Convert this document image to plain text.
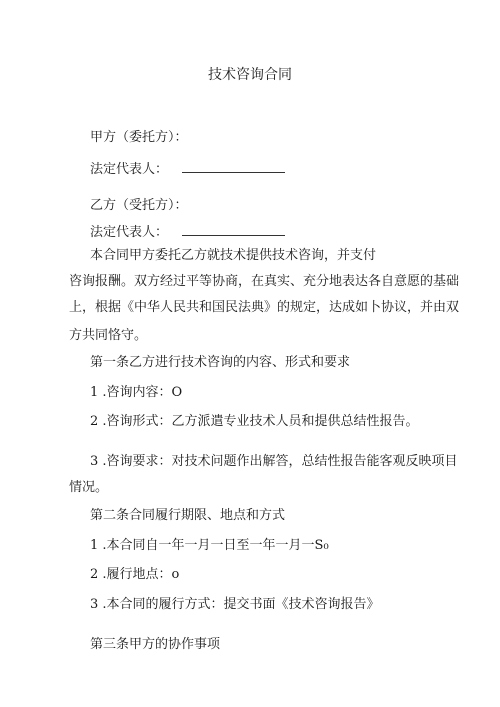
技术咨询合同
甲方（委托方）：
法定代表人：
乙方（受托方）：
法定代表人：
本合同甲方委托乙方就技术提供技术咨询，并支付
咨询报酬。双方经过平等协商，在真实、充分地表达各自意愿的基础
上，根据《中华人民共和国民法典》的规定，达成如卜协议，并由双
方共同恪守。
第一条乙方进行技术咨询的内容、形式和要求
1 .咨询内容：O
2 .咨询形式：乙方派遣专业技术人员和提供总结性报告。
3 .咨询要求：对技术问题作出解答，总结性报告能客观反映项目
情况。
第二条合同履行期限、地点和方式
1 .本合同自一年一月一日至一年一月一S₀
2 .履行地点：o
3 .本合同的履行方式：提交书面《技术咨询报告》
第三条甲方的协作事项
